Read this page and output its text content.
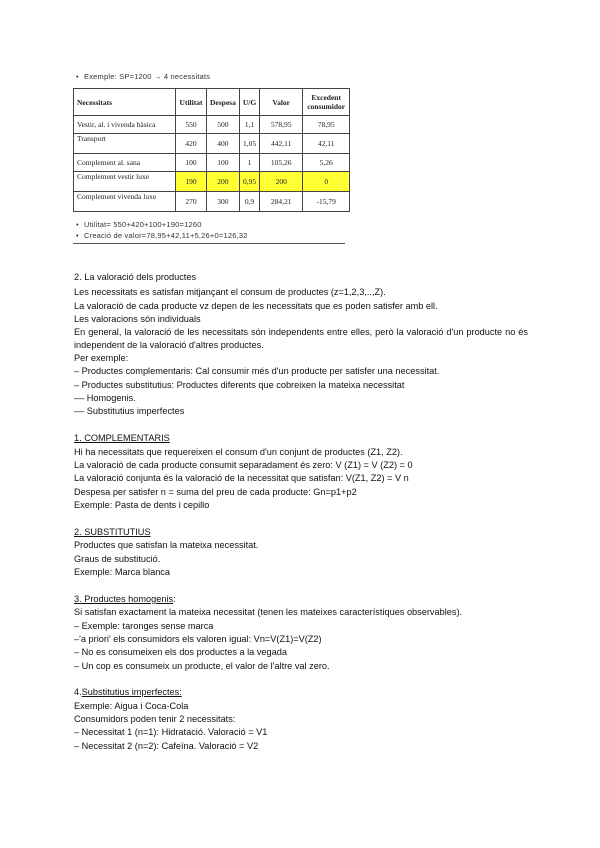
• Exemple: SP=1200 → 4 necessitats
Necessitats	Utilitat	Despesa	U/G	Valor	Excedent consumidor
Vestir, al. i vivenda bàsica	550	500	1,1	578,95	78,95
Transport	420	400	1,05	442,11	42,11
Complement al. sana	100	100	1	105,26	5,26
Complement vestir luxe	190	200	0,95	200	0
Complement vivenda luxe	270	300	0,9	284,21	-15,79
• Utilitat= 550+420+100+190=1260
• Creació de valor=78,95+42,11+5,26+0=126,32
2. La valoració dels productes
Les necessitats es satisfan mitjançant el consum de productes (z=1,2,3,..,Z).
La valoració de cada producte vz depen de les necessitats que es poden satisfer amb ell.
Les valoracions són individuals
En general, la valoració de les necessitats són independents entre elles, però la valoració d'un producte no és independent de la valoració d'altres productes.
Per exemple:
– Productes complementaris: Cal consumir més d'un producte per satisfer una necessitat.
– Productes substitutius: Productes diferents que cobreixen la mateixa necessitat
–– Homogenis.
–– Substitutius imperfectes
1. COMPLEMENTARIS
Hi ha necessitats que requereixen el consum d'un conjunt de productes (Z1, Z2).
La valoració de cada producte consumit separadament és zero: V (Z1) = V (Z2) = 0
La valoració conjunta és la valoració de la necessitat que satisfan: V(Z1, Z2) = V n
Despesa per satisfer n = suma del preu de cada producte: Gn=p1+p2
Exemple: Pasta de dents i cepillo
2. SUBSTITUTIUS
Productes que satisfan la mateixa necessitat.
Graus de substitució.
Exemple: Marca blanca
3. Productes homogenis:
Si satisfan exactament la mateixa necessitat (tenen les mateixes característiques observables).
– Exemple: taronges sense marca
–'a priori' els consumidors els valoren igual: Vn=V(Z1)=V(Z2)
– No es consumeixen els dos productes a la vegada
– Un cop es consumeix un producte, el valor de l'altre val zero.
4.Substitutius imperfectes:
Exemple: Aigua i Coca-Cola
Consumidors poden tenir 2 necessitats:
– Necessitat 1 (n=1): Hidratació. Valoració = V1
– Necessitat 2 (n=2): Cafeïna. Valoració = V2
